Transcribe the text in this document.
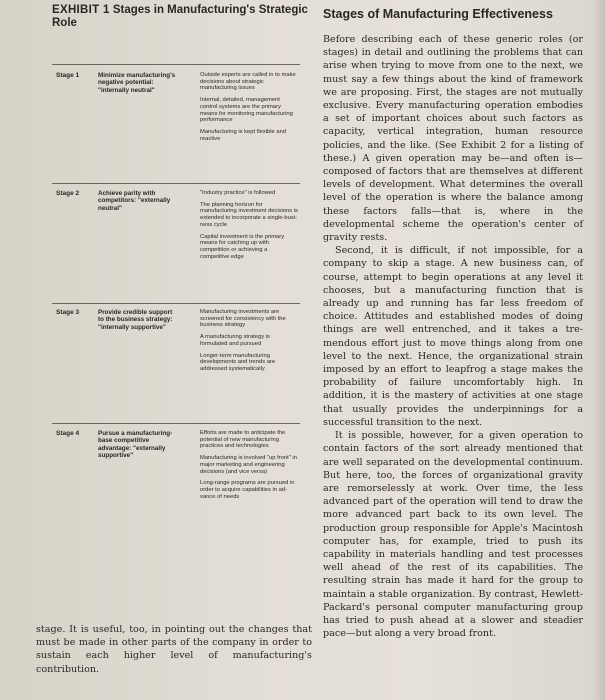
EXHIBIT 1 Stages in Manufacturing's Strategic Role
Stage 1	Minimize manufacturing's negative potential: "internally neutral"
Outside experts are called in to make decisions about strategic manufacturing issues
Internal, detailed, management control systems are the primary means for monitoring manufacturing performance
Manufacturing is kept flexible and reactive
Stage 2	Achieve parity with competitors: "externally neutral"
"Industry practice" is followed
The planning horizon for manufacturing investment decisions is extended to incorporate a single-business cycle
Capital investment is the primary means for catching up with competition or achieving a competitive edge
Stage 3	Provide credible support to the business strategy: "internally supportive"
Manufacturing investments are screened for consistency with the business strategy
A manufacturing strategy is formulated and pursued
Longer-term manufacturing developments and trends are addressed systematically
Stage 4	Pursue a manufacturing-base competitive advantage: "externally supportive"
Efforts are made to anticipate the potential of new manufacturing practices and technologies
Manufacturing is involved "up front" in major marketing and engineering decisions (and vice versa)
Long-range programs are pursued in order to acquire capabilities in advance of needs
stage. It is useful, too, in pointing out the changes that must be made in other parts of the company in order to sustain each higher level of manufacturing's contribution.
Stages of Manufacturing Effectiveness

Before describing each of these generic roles (or stages) in detail and outlining the problems that can arise when trying to move from one to the next, we must say a few things about the kind of framework we are proposing. First, the stages are not mutually exclusive. Every manufacturing operation embodies a set of important choices about such factors as capacity, vertical integration, human resource policies, and the like. (See Exhibit 2 for a listing of these.) A given operation may be—and often is—composed of factors that are themselves at different levels of development. What determines the overall level of the operation is where the balance among these factors falls—that is, where in the developmental scheme the operation's center of gravity rests.

Second, it is difficult, if not impossible, for a company to skip a stage. A new business can, of course, attempt to begin operations at any level it chooses, but a manufacturing function that is already up and running has far less freedom of choice. Attitudes and established modes of doing things are well entrenched, and it takes a tremendous effort just to move things along from one level to the next. Hence, the organizational strain imposed by an effort to leapfrog a stage makes the probability of failure uncomfortably high. In addition, it is the mastery of activities at one stage that usually provides the underpinnings for a successful transition to the next.

It is possible, however, for a given operation to contain factors of the sort already mentioned that are well separated on the developmental continuum. But here, too, the forces of organizational gravity are remorselessly at work. Over time, the less advanced part of the operation will tend to draw the more advanced part back to its own level. The production group responsible for Apple's Macintosh computer has, for example, tried to push its capability in materials handling and test processes well ahead of the rest of its capabilities. The resulting strain has made it hard for the group to maintain a stable organization. By contrast, Hewlett-Packard's personal computer manufacturing group has tried to push ahead at a slower and steadier pace—but along a very broad front.
